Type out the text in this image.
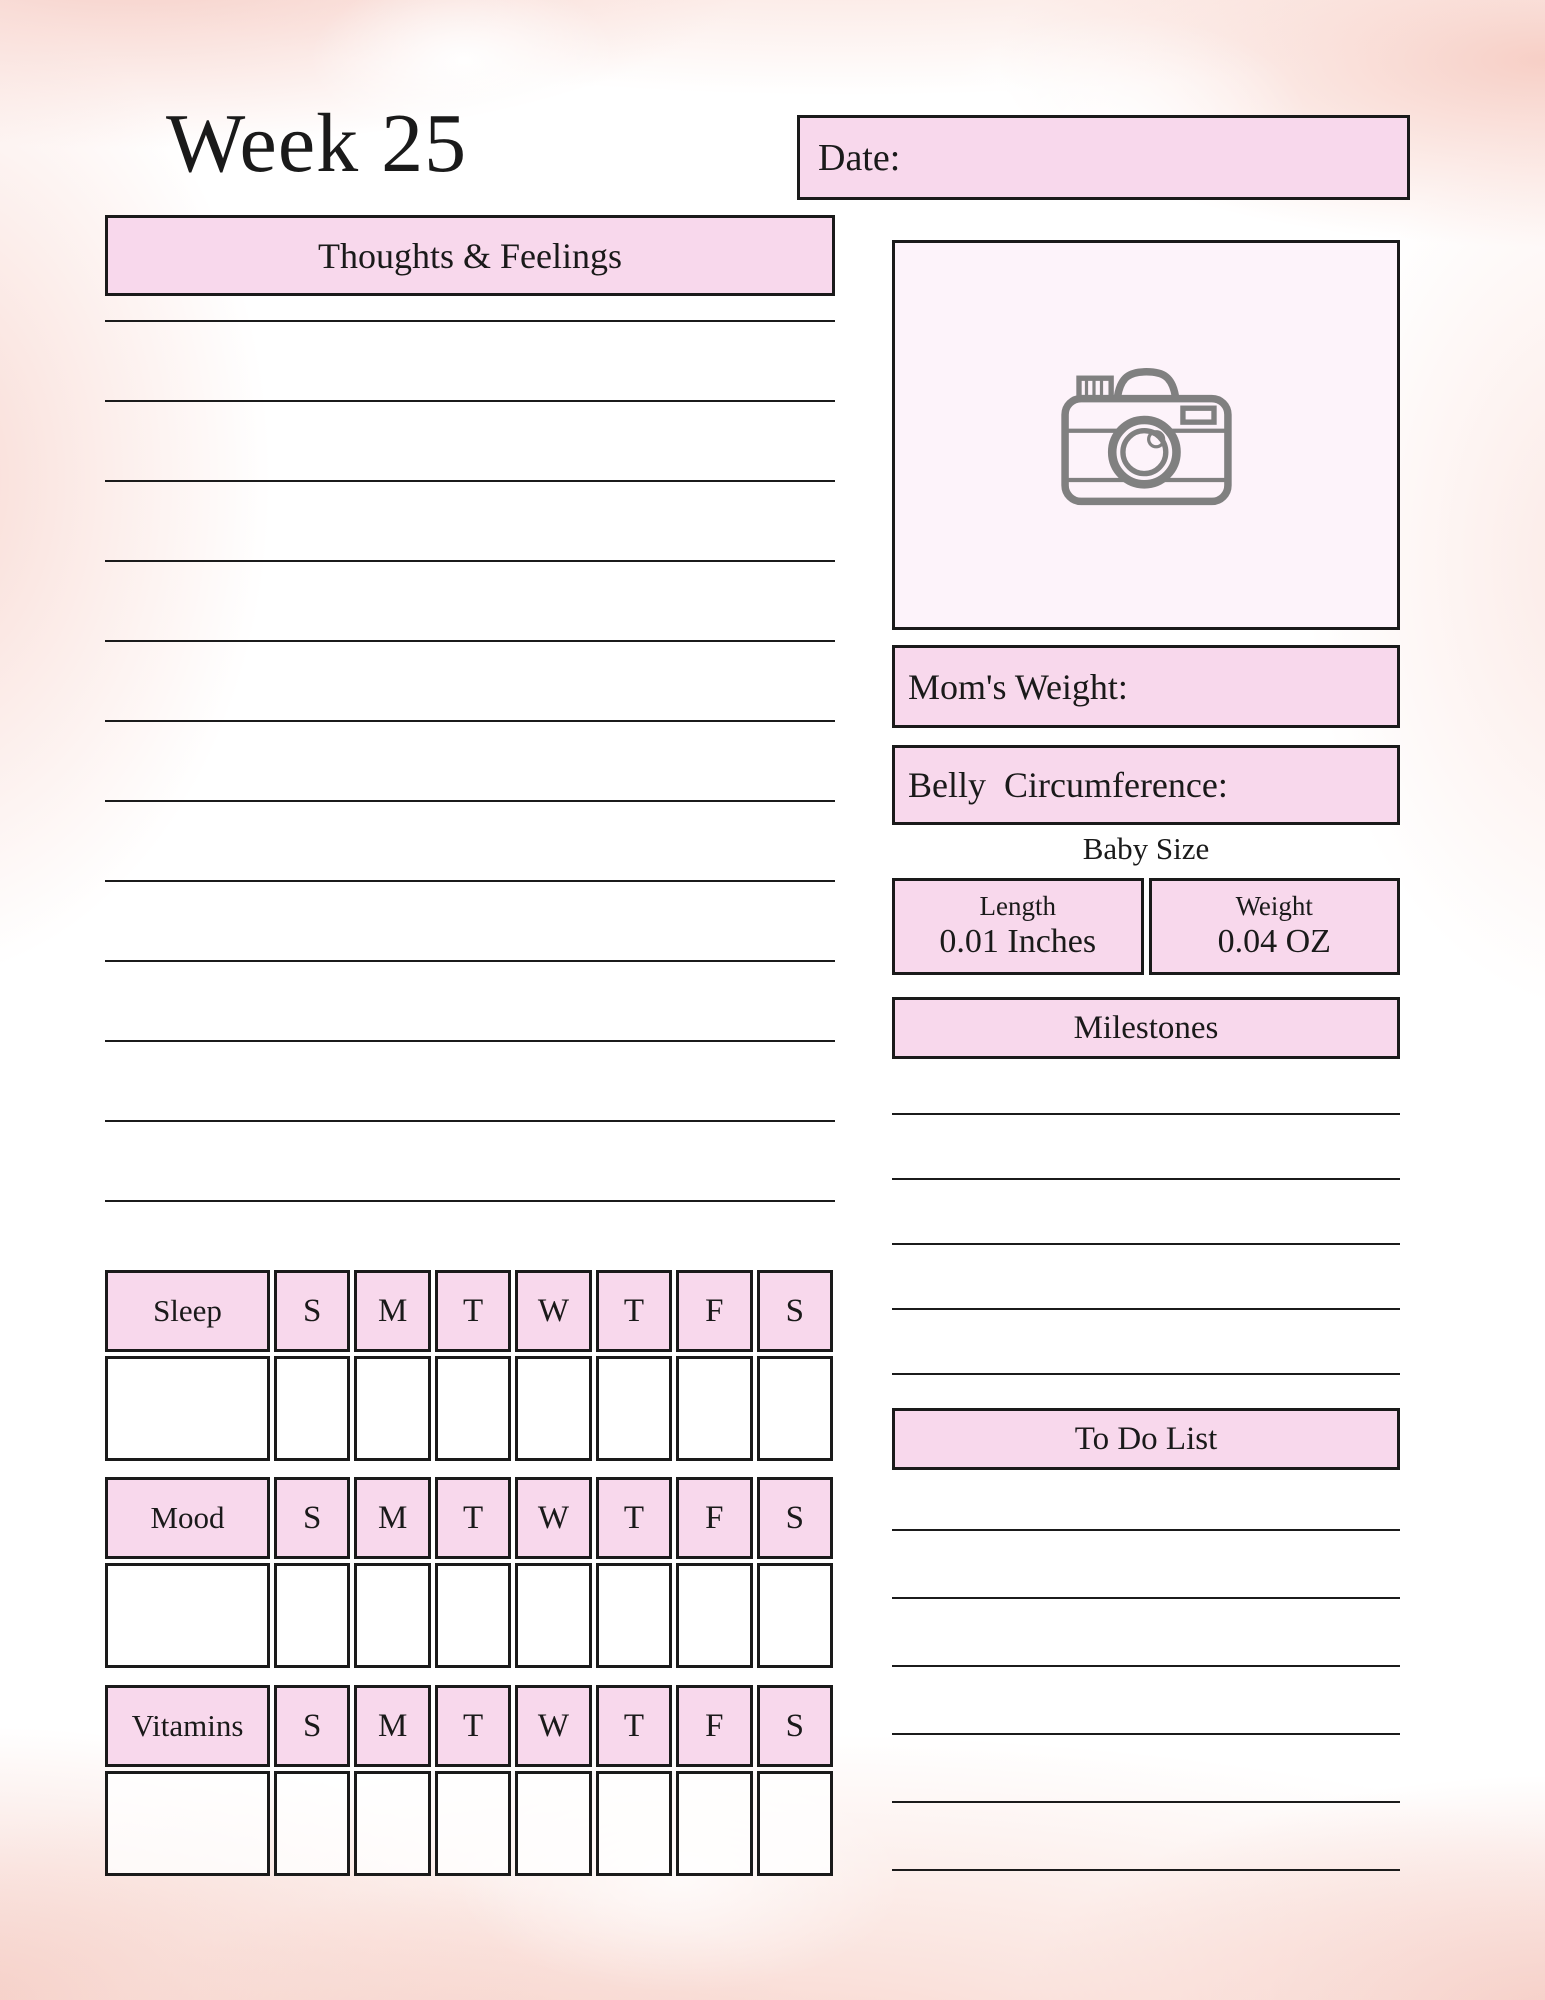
Week 25	Date:
Thoughts & Feelings
Mom's Weight:
Belly  Circumference:
Baby Size
Length
0.01 Inches
Weight
0.04 OZ
Milestones
To Do List
Sleep	S	M	T	W	T	F	S
Mood	S	M	T	W	T	F	S
Vitamins	S	M	T	W	T	F	S
